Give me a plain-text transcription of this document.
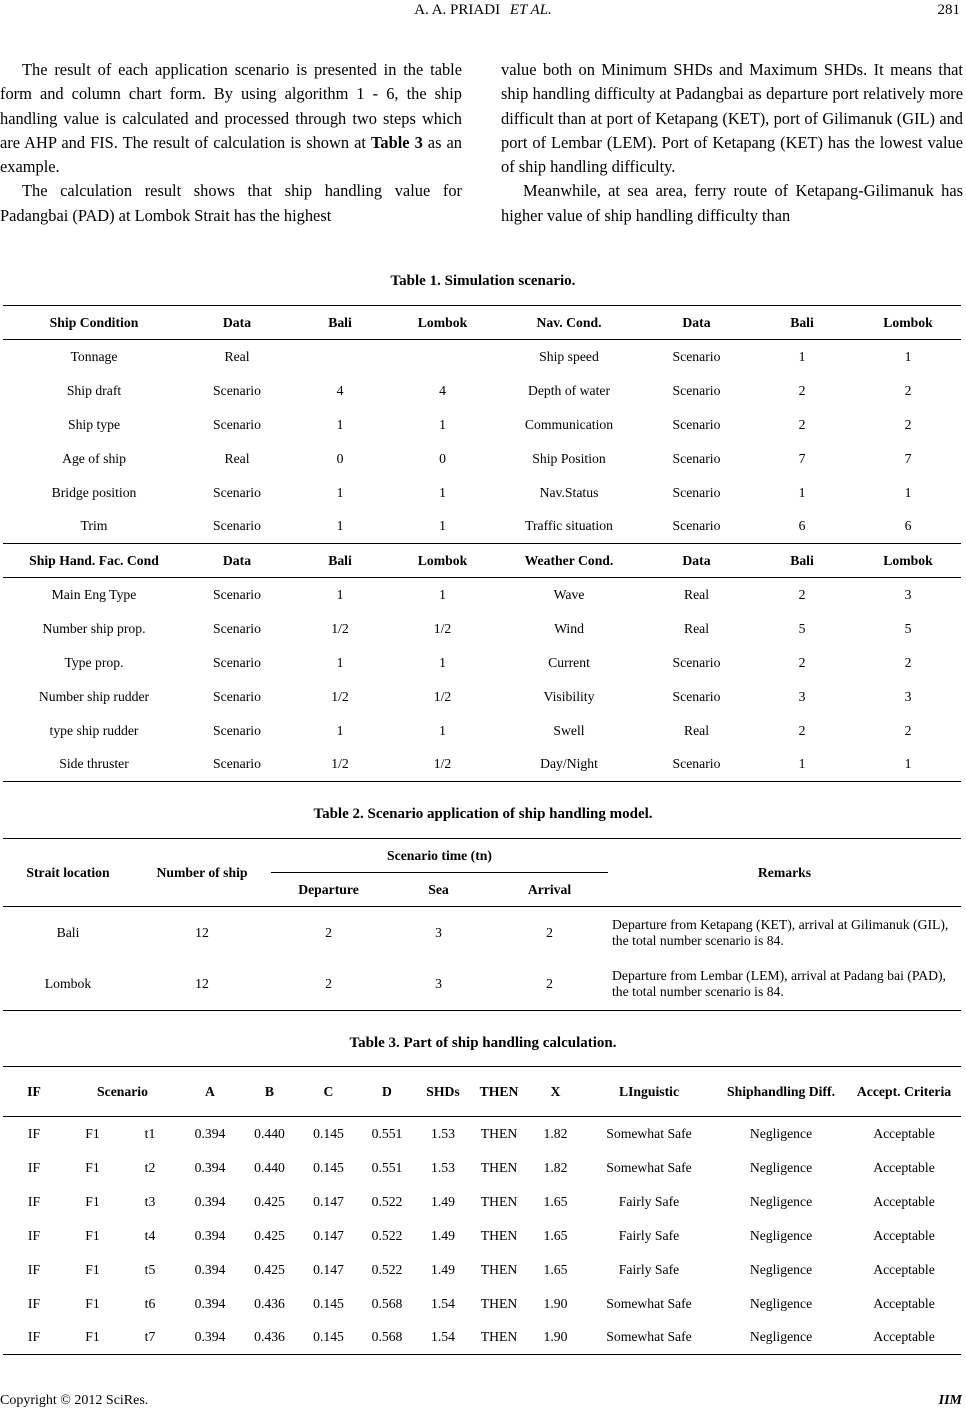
A. A. PRIADI ET AL.	281

The result of each application scenario is presented in the table form and column chart form. By using algorithm 1 - 6, the ship handling value is calculated and processed through two steps which are AHP and FIS. The result of calculation is shown at Table 3 as an example.

The calculation result shows that ship handling value for Padangbai (PAD) at Lombok Strait has the highest

value both on Minimum SHDs and Maximum SHDs. It means that ship handling difficulty at Padangbai as departure port relatively more difficult than at port of Ketapang (KET), port of Gilimanuk (GIL) and port of Lembar (LEM). Port of Ketapang (KET) has the lowest value of ship handling difficulty.

Meanwhile, at sea area, ferry route of Ketapang-Gilimanuk has higher value of ship handling difficulty than

Table 1. Simulation scenario.
Ship Condition	Data	Bali	Lombok	Nav. Cond.	Data	Bali	Lombok
Tonnage	Real			Ship speed	Scenario	1	1
Ship draft	Scenario	4	4	Depth of water	Scenario	2	2
Ship type	Scenario	1	1	Communication	Scenario	2	2
Age of ship	Real	0	0	Ship Position	Scenario	7	7
Bridge position	Scenario	1	1	Nav.Status	Scenario	1	1
Trim	Scenario	1	1	Traffic situation	Scenario	6	6
Ship Hand. Fac. Cond	Data	Bali	Lombok	Weather Cond.	Data	Bali	Lombok
Main Eng Type	Scenario	1	1	Wave	Real	2	3
Number ship prop.	Scenario	1/2	1/2	Wind	Real	5	5
Type prop.	Scenario	1	1	Current	Scenario	2	2
Number ship rudder	Scenario	1/2	1/2	Visibility	Scenario	3	3
type ship rudder	Scenario	1	1	Swell	Real	2	2
Side thruster	Scenario	1/2	1/2	Day/Night	Scenario	1	1
Table 2. Scenario application of ship handling model.
Strait location	Number of ship	Scenario time (tn)			Remarks
		Departure	Sea	Arrival	
Bali	12	2	3	2	Departure from Ketapang (KET), arrival at Gilimanuk (GIL), the total number scenario is 84.
Lombok	12	2	3	2	Departure from Lembar (LEM), arrival at Padang bai (PAD), the total number scenario is 84.
Table 3. Part of ship handling calculation.
IF	Scenario		A	B	C	D	SHDs	THEN	X	LInguistic	Shiphandling Diff.	Accept. Criteria
IF	F1	t1	0.394	0.440	0.145	0.551	1.53	THEN	1.82	Somewhat Safe	Negligence	Acceptable
IF	F1	t2	0.394	0.440	0.145	0.551	1.53	THEN	1.82	Somewhat Safe	Negligence	Acceptable
IF	F1	t3	0.394	0.425	0.147	0.522	1.49	THEN	1.65	Fairly Safe	Negligence	Acceptable
IF	F1	t4	0.394	0.425	0.147	0.522	1.49	THEN	1.65	Fairly Safe	Negligence	Acceptable
IF	F1	t5	0.394	0.425	0.147	0.522	1.49	THEN	1.65	Fairly Safe	Negligence	Acceptable
IF	F1	t6	0.394	0.436	0.145	0.568	1.54	THEN	1.90	Somewhat Safe	Negligence	Acceptable
IF	F1	t7	0.394	0.436	0.145	0.568	1.54	THEN	1.90	Somewhat Safe	Negligence	Acceptable
Copyright © 2012 SciRes.	IIM
